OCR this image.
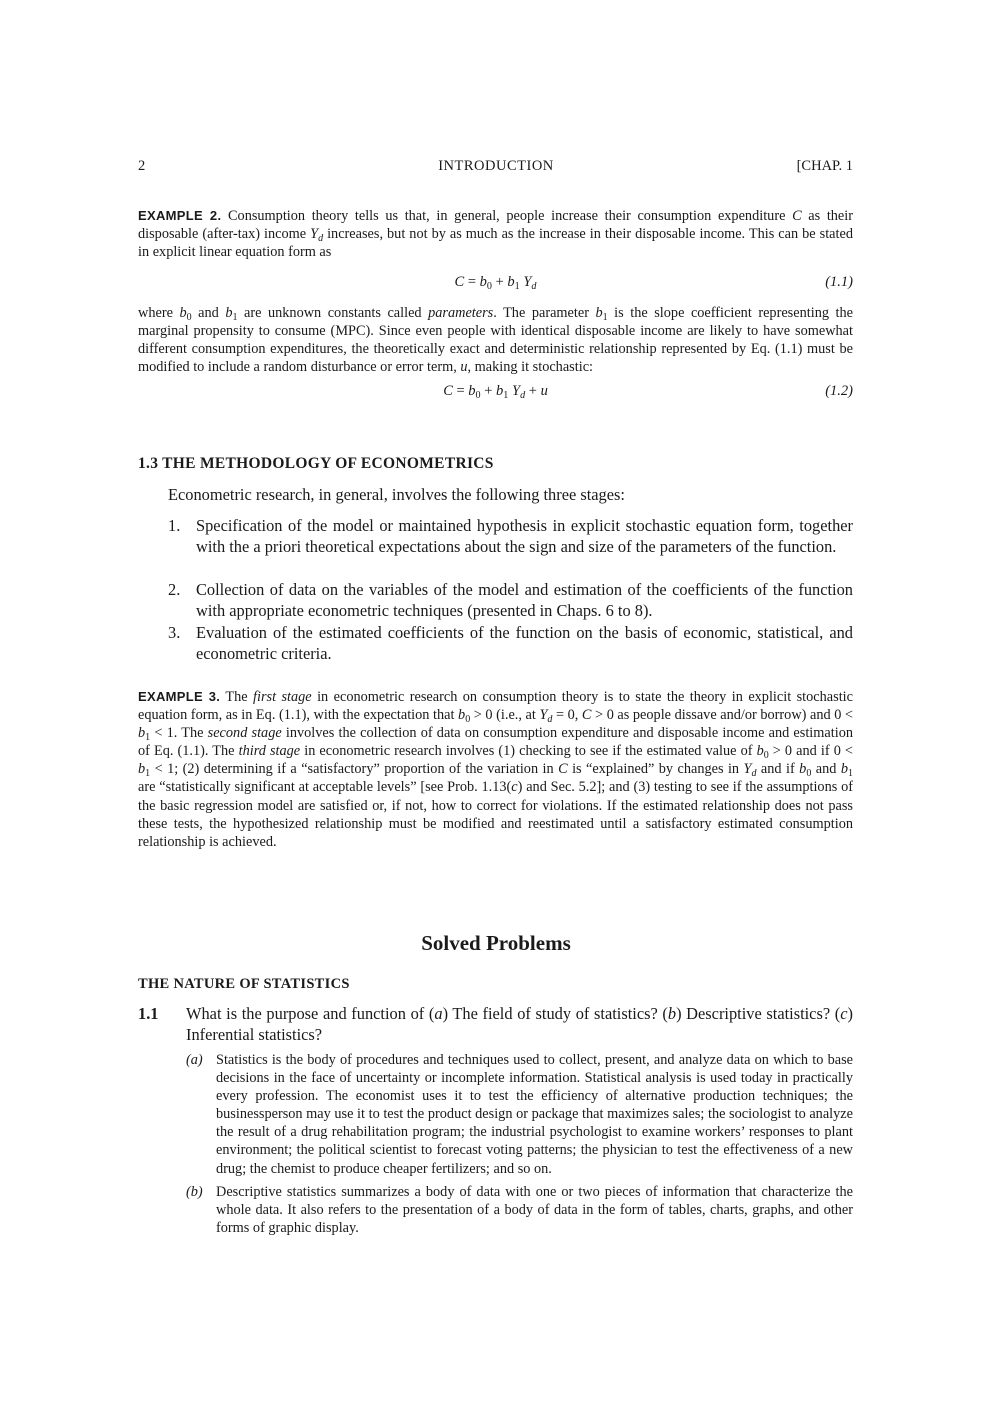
2	INTRODUCTION	[CHAP. 1
EXAMPLE 2. Consumption theory tells us that, in general, people increase their consumption expenditure C as their disposable (after-tax) income $Y_d$ increases, but not by as much as the increase in their disposable income. This can be stated in explicit linear equation form as
$C = b_0 + b_1$ $Y_d$	(1.1)
where $b_0$ and $b_1$ are unknown constants called parameters. The parameter $b_1$ is the slope coefficient representing the marginal propensity to consume (MPC). Since even people with identical disposable income are likely to have somewhat different consumption expenditures, the theoretically exact and deterministic relationship represented by Eq. (1.1) must be modified to include a random disturbance or error term, u, making it stochastic:
$C = b_0 + b_1$ $Y_d + u$	(1.2)
1.3 THE METHODOLOGY OF ECONOMETRICS
Econometric research, in general, involves the following three stages:
1. Specification of the model or maintained hypothesis in explicit stochastic equation form, together with the a priori theoretical expectations about the sign and size of the parameters of the function.
2. Collection of data on the variables of the model and estimation of the coefficients of the function with appropriate econometric techniques (presented in Chaps. 6 to 8).
3. Evaluation of the estimated coefficients of the function on the basis of economic, statistical, and econometric criteria.
EXAMPLE 3. The first stage in econometric research on consumption theory is to state the theory in explicit stochastic equation form, as in Eq. (1.1), with the expectation that $b_0 > 0$ (i.e., at $Y_d = 0$, C > 0 as people dissave and/or borrow) and $0 < b_1 < 1$. The second stage involves the collection of data on consumption expenditure and disposable income and estimation of Eq. (1.1). The third stage in econometric research involves (1) checking to see if the estimated value of $b_0 > 0$ and if $0 < b_1 < 1$; (2) determining if a “satisfactory” proportion of the variation in C is “explained” by changes in $Y_d$ and if $b_0$ and $b_1$ are “statistically significant at acceptable levels” [see Prob. 1.13(c) and Sec. 5.2]; and (3) testing to see if the assumptions of the basic regression model are satisfied or, if not, how to correct for violations. If the estimated relationship does not pass these tests, the hypothesized relationship must be modified and reestimated until a satisfactory estimated consumption relationship is achieved.
Solved Problems
THE NATURE OF STATISTICS
1.1 What is the purpose and function of (a) The field of study of statistics? (b) Descriptive statistics? (c) Inferential statistics?
(a) Statistics is the body of procedures and techniques used to collect, present, and analyze data on which to base decisions in the face of uncertainty or incomplete information. Statistical analysis is used today in practically every profession. The economist uses it to test the efficiency of alternative production techniques; the businessperson may use it to test the product design or package that maximizes sales; the sociologist to analyze the result of a drug rehabilitation program; the industrial psychologist to examine workers’ responses to plant environment; the political scientist to forecast voting patterns; the physician to test the effectiveness of a new drug; the chemist to produce cheaper fertilizers; and so on.
(b) Descriptive statistics summarizes a body of data with one or two pieces of information that characterize the whole data. It also refers to the presentation of a body of data in the form of tables, charts, graphs, and other forms of graphic display.
